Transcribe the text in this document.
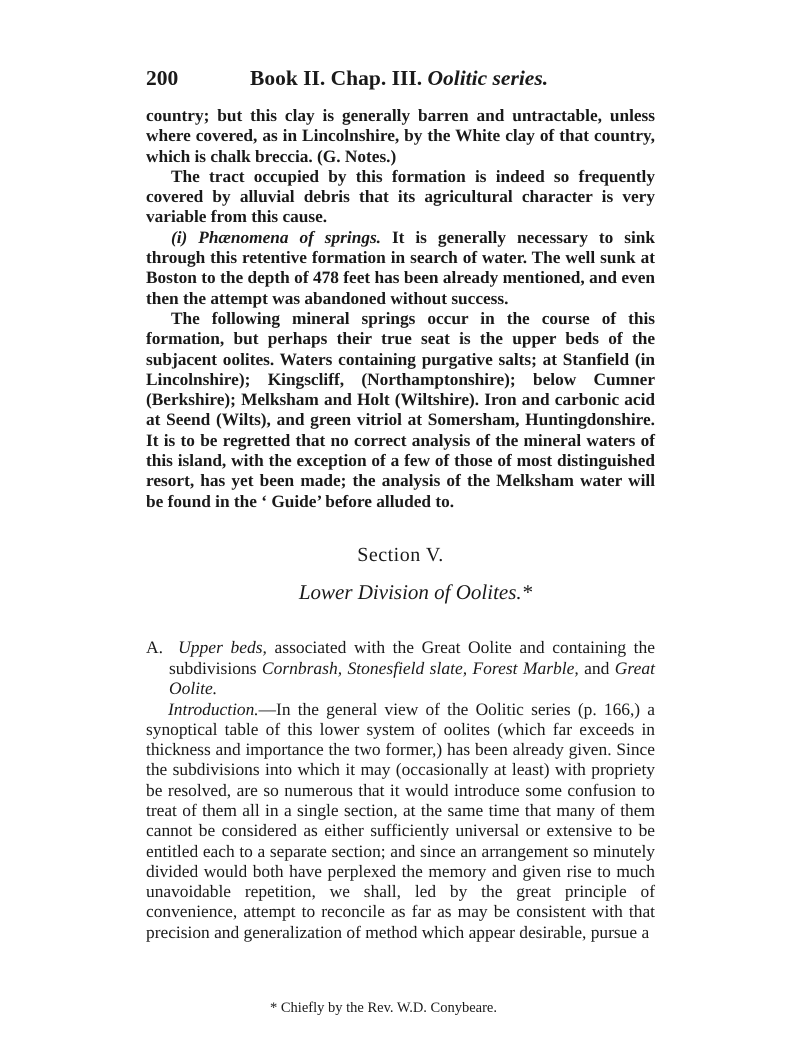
200	Book II. Chap. III. Oolitic series.

country; but this clay is generally barren and untractable, unless where covered, as in Lincolnshire, by the White clay of that country, which is chalk breccia. (G. Notes.)

The tract occupied by this formation is indeed so frequently covered by alluvial debris that its agricultural character is very variable from this cause.

(i) Phænomena of springs. It is generally necessary to sink through this retentive formation in search of water. The well sunk at Boston to the depth of 478 feet has been already mentioned, and even then the attempt was abandoned without success.

The following mineral springs occur in the course of this formation, but perhaps their true seat is the upper beds of the subjacent oolites. Waters containing purgative salts; at Stanfield (in Lincolnshire); Kingscliff, (Northamptonshire); below Cumner (Berkshire); Melksham and Holt (Wiltshire). Iron and carbonic acid at Seend (Wilts), and green vitriol at Somersham, Huntingdonshire. It is to be regretted that no correct analysis of the mineral waters of this island, with the exception of a few of those of most distinguished resort, has yet been made; the analysis of the Melksham water will be found in the ‘ Guide’ before alluded to.

Section V.
Lower Division of Oolites.*

A. Upper beds, associated with the Great Oolite and containing the subdivisions Cornbrash, Stonesfield slate, Forest Marble, and Great Oolite.

Introduction.—In the general view of the Oolitic series (p. 166,) a synoptical table of this lower system of oolites (which far exceeds in thickness and importance the two former,) has been already given. Since the subdivisions into which it may (occasionally at least) with propriety be resolved, are so numerous that it would introduce some confusion to treat of them all in a single section, at the same time that many of them cannot be considered as either sufficiently universal or extensive to be entitled each to a separate section; and since an arrangement so minutely divided would both have perplexed the memory and given rise to much unavoidable repetition, we shall, led by the great principle of convenience, attempt to reconcile as far as may be consistent with that precision and generalization of method which appear desirable, pursue a

* Chiefly by the Rev. W.D. Conybeare.
